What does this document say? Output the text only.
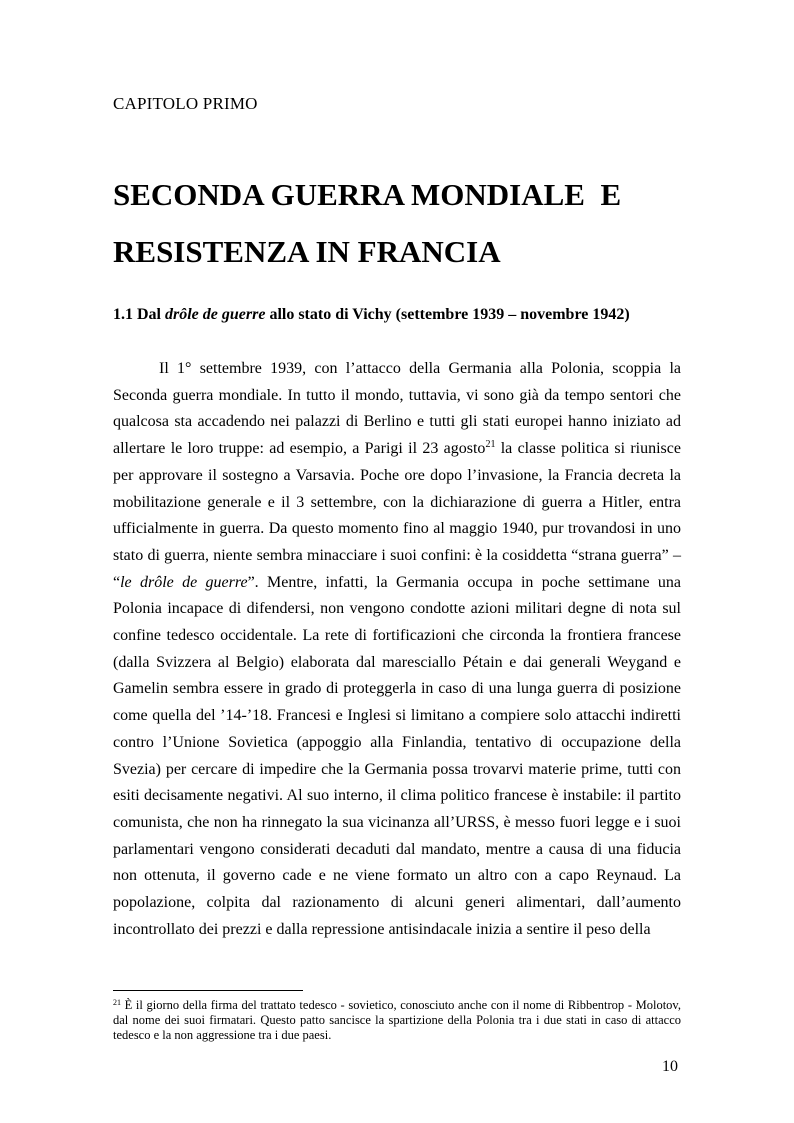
CAPITOLO PRIMO
SECONDA GUERRA MONDIALE  E
RESISTENZA IN FRANCIA
1.1 Dal drôle de guerre allo stato di Vichy (settembre 1939 – novembre 1942)

Il 1° settembre 1939, con l’attacco della Germania alla Polonia, scoppia la Seconda guerra mondiale. In tutto il mondo, tuttavia, vi sono già da tempo sentori che qualcosa sta accadendo nei palazzi di Berlino e tutti gli stati europei hanno iniziato ad allertare le loro truppe: ad esempio, a Parigi il 23 agosto$^{21}$ la classe politica si riunisce per approvare il sostegno a Varsavia. Poche ore dopo l’invasione, la Francia decreta la mobilitazione generale e il 3 settembre, con la dichiarazione di guerra a Hitler, entra ufficialmente in guerra. Da questo momento fino al maggio 1940, pur trovandosi in uno stato di guerra, niente sembra minacciare i suoi confini: è la cosiddetta “strana guerra” – “le drôle de guerre”. Mentre, infatti, la Germania occupa in poche settimane una Polonia incapace di difendersi, non vengono condotte azioni militari degne di nota sul confine tedesco occidentale. La rete di fortificazioni che circonda la frontiera francese (dalla Svizzera al Belgio) elaborata dal maresciallo Pétain e dai generali Weygand e Gamelin sembra essere in grado di proteggerla in caso di una lunga guerra di posizione come quella del ’14-’18. Francesi e Inglesi si limitano a compiere solo attacchi indiretti contro l’Unione Sovietica (appoggio alla Finlandia, tentativo di occupazione della Svezia) per cercare di impedire che la Germania possa trovarvi materie prime, tutti con esiti decisamente negativi. Al suo interno, il clima politico francese è instabile: il partito comunista, che non ha rinnegato la sua vicinanza all’URSS, è messo fuori legge e i suoi parlamentari vengono considerati decaduti dal mandato, mentre a causa di una fiducia non ottenuta, il governo cade e ne viene formato un altro con a capo Reynaud. La popolazione, colpita dal razionamento di alcuni generi alimentari, dall’aumento incontrollato dei prezzi e dalla repressione antisindacale inizia a sentire il peso della

$^{21}$ È il giorno della firma del trattato tedesco - sovietico, conosciuto anche con il nome di Ribbentrop - Molotov, dal nome dei suoi firmatari. Questo patto sancisce la spartizione della Polonia tra i due stati in caso di attacco tedesco e la non aggressione tra i due paesi.

10
